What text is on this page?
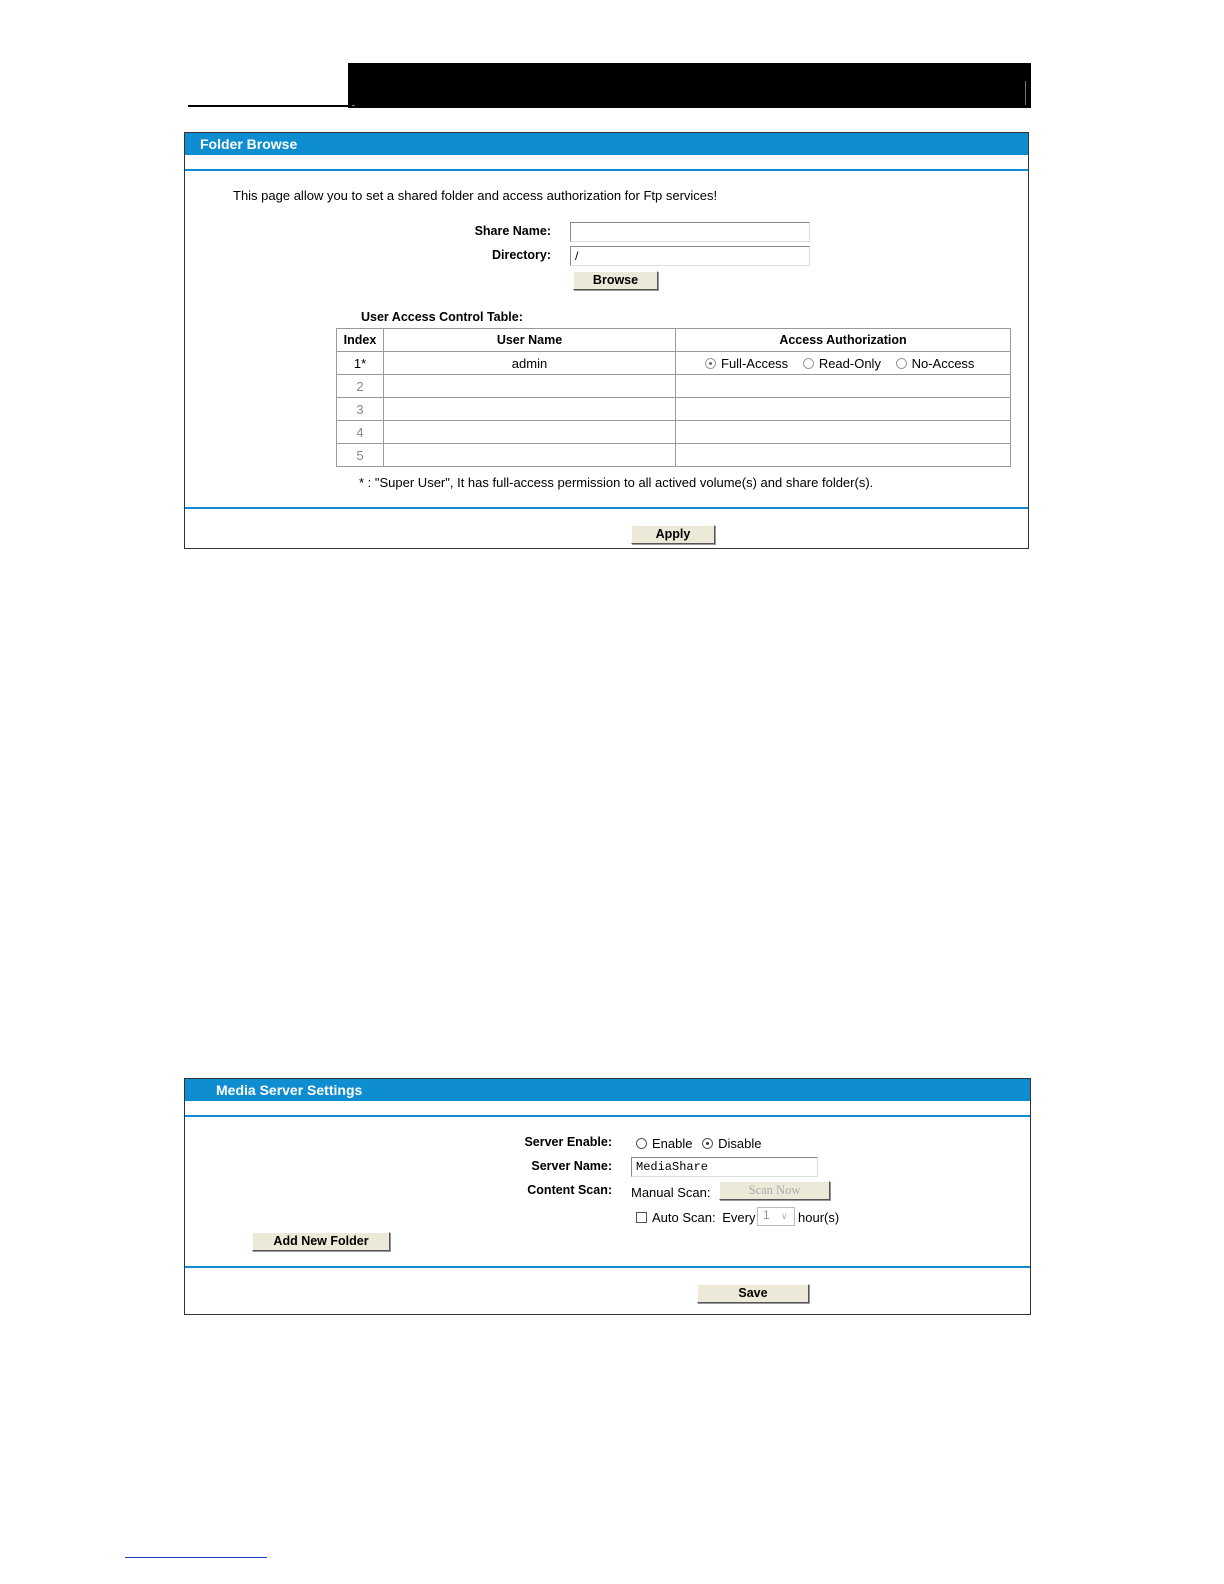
Folder Browse
This page allow you to set a shared folder and access authorization for Ftp services!
Share Name:
Directory:	/
Browse
User Access Control Table:
Apply
Index	User Name	Access Authorization
1*	admin	Full-Access Read-Only No-Access
2		
3		
4		
5		
* : "Super User", It has full-access permission to all actived volume(s) and share folder(s).
Media Server Settings
Server Enable:	Enable Disable
Server Name:	MediaShare
Content Scan: Manual Scan:	Scan Now
Auto Scan: Every 1 ∨ hour(s)
Add New Folder
Save
